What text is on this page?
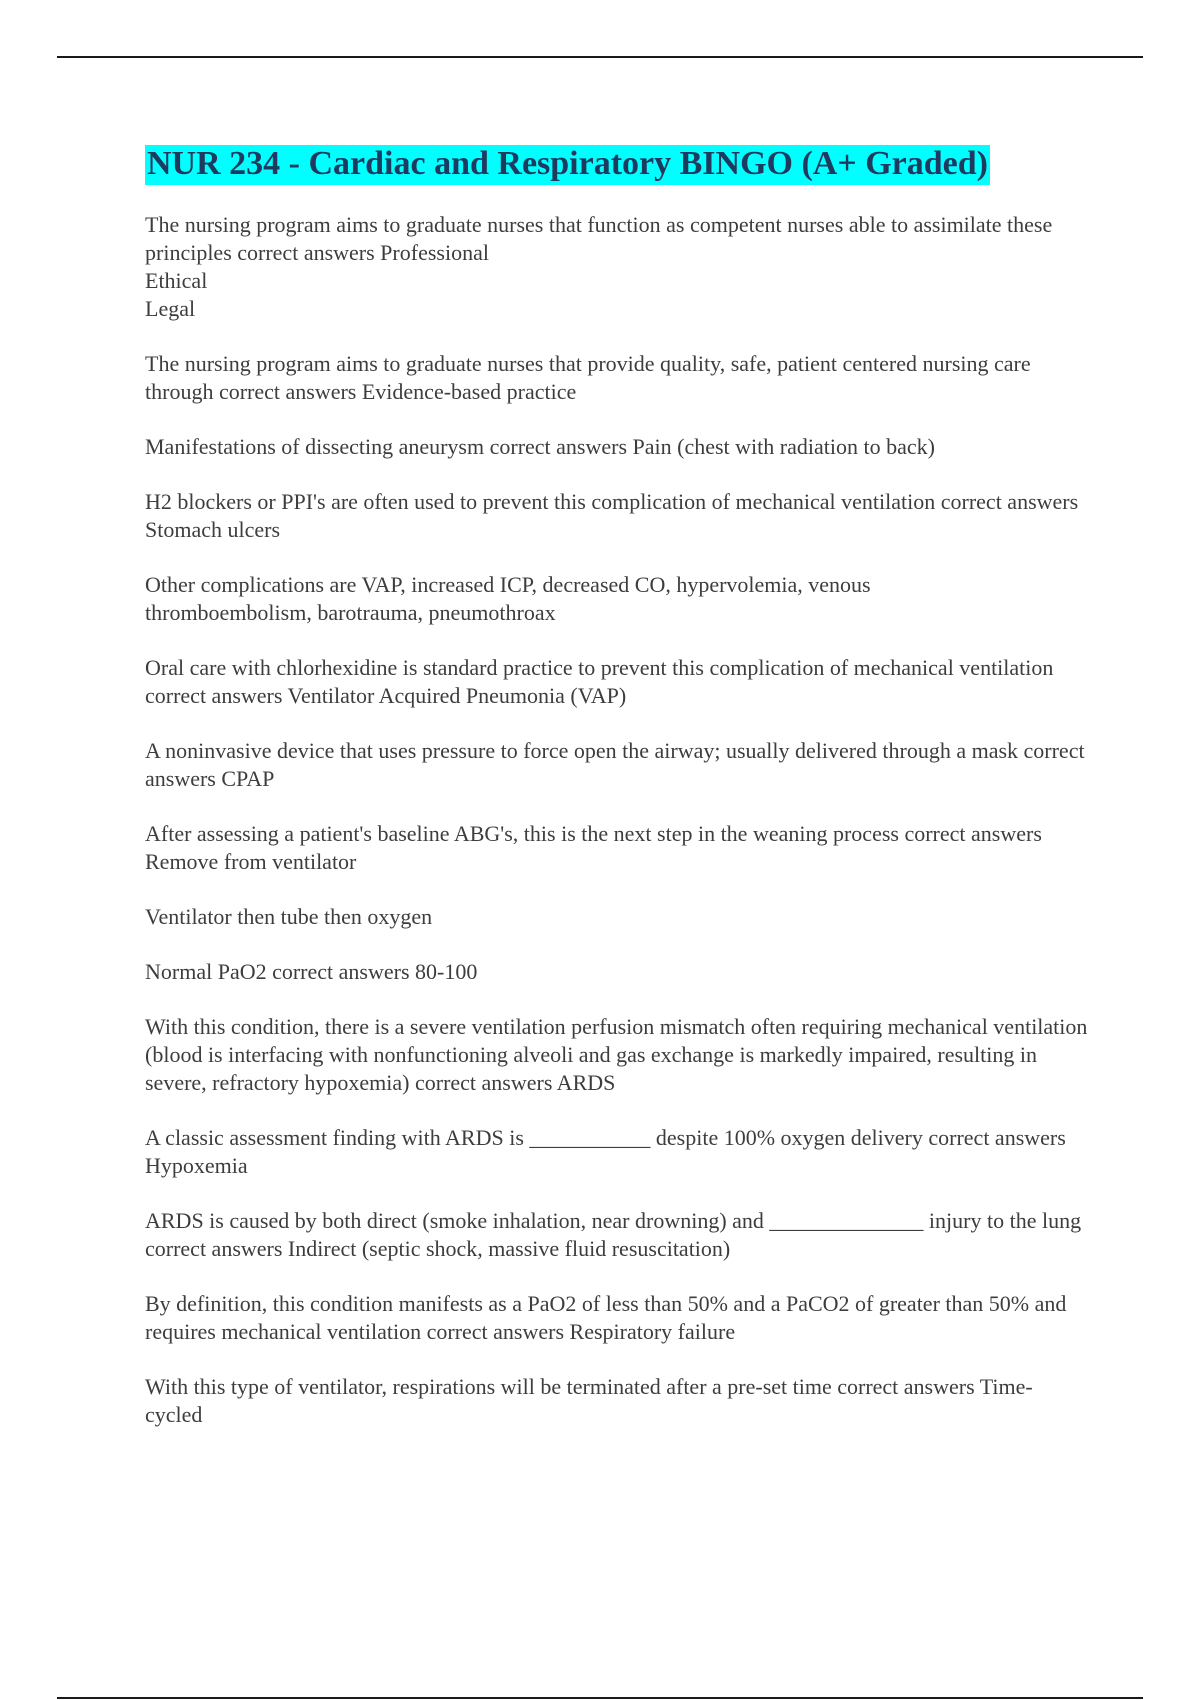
NUR 234 - Cardiac and Respiratory BINGO (A+ Graded)
The nursing program aims to graduate nurses that function as competent nurses able to assimilate these principles correct answers Professional
Ethical
Legal
The nursing program aims to graduate nurses that provide quality, safe, patient centered nursing care through correct answers Evidence-based practice
Manifestations of dissecting aneurysm correct answers Pain (chest with radiation to back)
H2 blockers or PPI's are often used to prevent this complication of mechanical ventilation correct answers Stomach ulcers
Other complications are VAP, increased ICP, decreased CO, hypervolemia, venous thromboembolism, barotrauma, pneumothroax
Oral care with chlorhexidine is standard practice to prevent this complication of mechanical ventilation correct answers Ventilator Acquired Pneumonia (VAP)
A noninvasive device that uses pressure to force open the airway; usually delivered through a mask correct answers CPAP
After assessing a patient's baseline ABG's, this is the next step in the weaning process correct answers Remove from ventilator
Ventilator then tube then oxygen
Normal PaO2 correct answers 80-100
With this condition, there is a severe ventilation perfusion mismatch often requiring mechanical ventilation (blood is interfacing with nonfunctioning alveoli and gas exchange is markedly impaired, resulting in severe, refractory hypoxemia) correct answers ARDS
A classic assessment finding with ARDS is ___________ despite 100% oxygen delivery correct answers Hypoxemia
ARDS is caused by both direct (smoke inhalation, near drowning) and ______________ injury to the lung correct answers Indirect (septic shock, massive fluid resuscitation)
By definition, this condition manifests as a PaO2 of less than 50% and a PaCO2 of greater than 50% and requires mechanical ventilation correct answers Respiratory failure
With this type of ventilator, respirations will be terminated after a pre-set time correct answers Time-cycled
